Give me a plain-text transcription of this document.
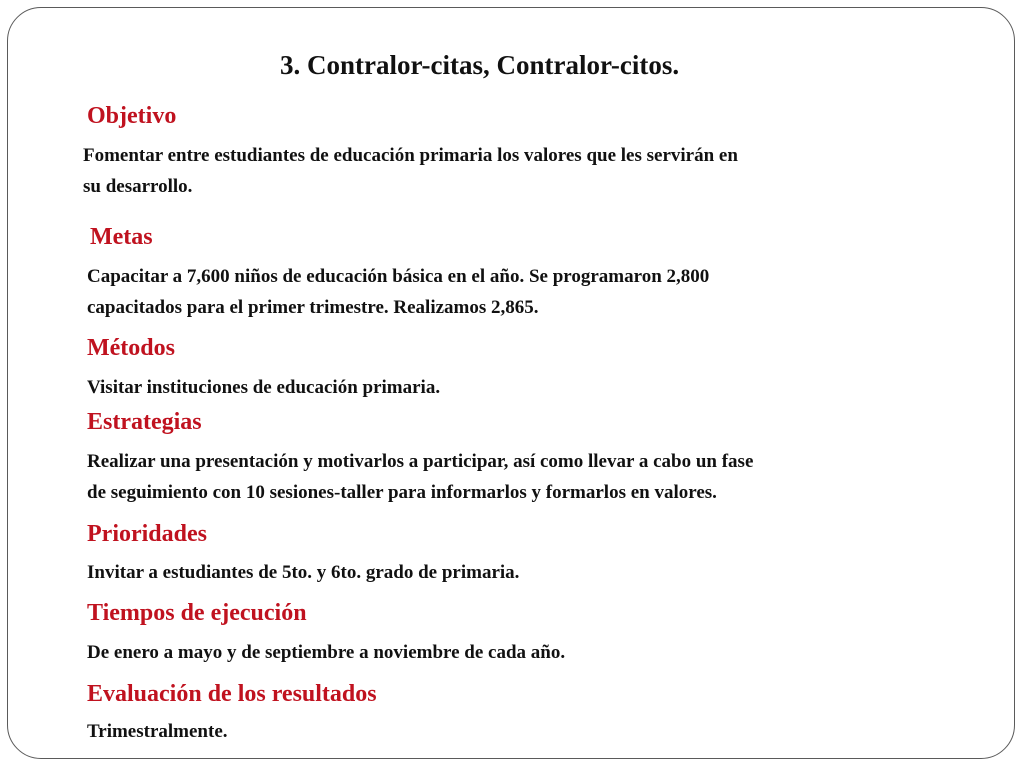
3. Contralor-citas, Contralor-citos.
Objetivo
Fomentar entre estudiantes de educación primaria los valores que les servirán en
su desarrollo.
Metas
Capacitar a 7,600 niños de educación básica en el año. Se programaron 2,800
capacitados para el primer trimestre. Realizamos 2,865.
Métodos
Visitar instituciones de educación primaria.
Estrategias
Realizar una presentación y motivarlos a participar, así como llevar a cabo un fase
de seguimiento con 10 sesiones-taller para informarlos y formarlos en valores.
Prioridades
Invitar a estudiantes de 5to. y 6to. grado de primaria.
Tiempos de ejecución
De enero a mayo y de septiembre a noviembre de cada año.
Evaluación de los resultados
Trimestralmente.
